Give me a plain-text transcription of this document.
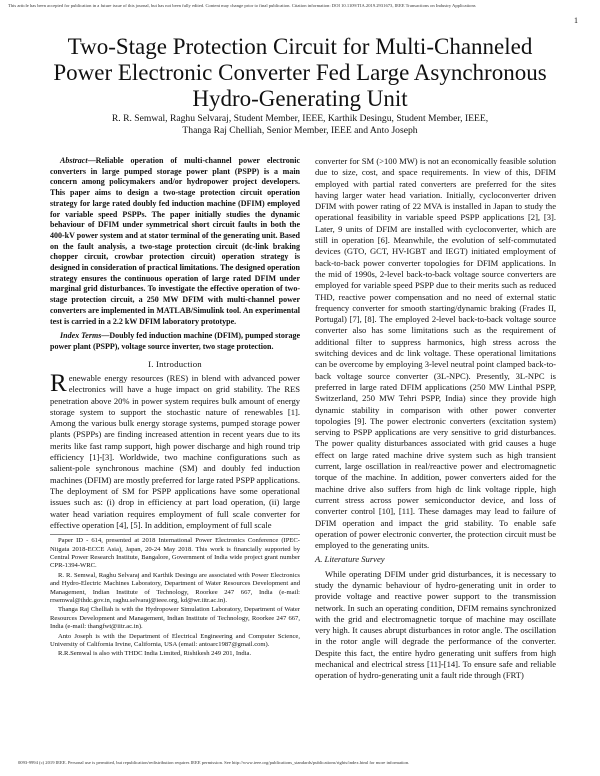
This article has been accepted for publication in a future issue of this journal, but has not been fully edited. Content may change prior to final publication. Citation information: DOI 10.1109/TIA.2019.2931673, IEEE Transactions on Industry Applications
1
Two-Stage Protection Circuit for Multi-Channeled
Power Electronic Converter Fed Large Asynchronous
Hydro-Generating Unit
R. R. Semwal, Raghu Selvaraj, Student Member, IEEE, Karthik Desingu, Student Member, IEEE,
Thanga Raj Chelliah, Senior Member, IEEE and Anto Joseph
Abstract—Reliable operation of multi-channel power electronic converters in large pumped storage power plant (PSPP) is a main concern among policymakers and/or hydropower project developers. This paper aims to design a two-stage protection circuit operation strategy for large rated doubly fed induction machine (DFIM) employed for variable speed PSPPs. The paper initially studies the dynamic behaviour of DFIM under symmetrical short circuit faults in both the 400-kV power system and at stator terminal of the generating unit. Based on the fault analysis, a two-stage protection circuit (dc-link braking chopper circuit, crowbar protection circuit) operation strategy is designed in consideration of practical limitations. The designed operation strategy ensures the continuous operation of large rated DFIM under marginal grid disturbances. To investigate the effective operation of two-stage protection circuit, a 250 MW DFIM with multi-channel power converters are implemented in MATLAB/Simulink tool. An experimental test is carried in a 2.2 kW DFIM laboratory prototype.
Index Terms—Doubly fed induction machine (DFIM), pumped storage power plant (PSPP), voltage source inverter, two stage protection.
I. Introduction

Renewable energy resources (RES) in blend with advanced power electronics will have a huge impact on grid stability. The RES penetration above 20% in power system requires bulk amount of energy storage system to support the stochastic nature of renewables [1]. Among the various bulk energy storage systems, pumped storage power plants (PSPPs) are finding increased attention in recent years due to its merits like fast ramp support, high power discharge and high round trip efficiency [1]-[3]. Worldwide, two machine configurations such as salient-pole synchronous machine (SM) and doubly fed induction machines (DFIM) are mostly preferred for large rated PSPP applications. The deployment of SM for PSPP applications have some operational issues such as: (i) drop in efficiency at part load operation, (ii) large water head variation requires employment of full scale converter for effective operation [4], [5]. In addition, employment of full scale

Paper ID - 614, presented at 2018 International Power Electronics Conference (IPEC-Niigata 2018-ECCE Asia), Japan, 20-24 May 2018. This work is financially supported by Central Power Research Institute, Bangalore, Government of India wide project grant number CPR-1394-WRC.

R. R. Semwal, Raghu Selvaraj and Karthik Desingu are associated with Power Electronics and Hydro-Electric Machines Laboratory, Department of Water Resources Development and Management, Indian Institute of Technology, Roorkee 247 667, India (e-mail: rrsemwal@thdc.gov.in, raghu.selvaraj@ieee.org, kd@wr.iitr.ac.in).

Thanga Raj Chelliah is with the Hydropower Simulation Laboratory, Department of Water Resources Development and Management, Indian Institute of Technology, Roorkee 247 667, India (e-mail: thangfwt@iitr.ac.in).

Anto Joseph is with the Department of Electrical Engineering and Computer Science, University of California Irvine, California, USA (email: antoarc1987@gmail.com).

R.R.Semwal is also with THDC India Limited, Rishikesh 249 201, India.

converter for SM (>100 MW) is not an economically feasible solution due to size, cost, and space requirements. In view of this, DFIM employed with partial rated converters are preferred for the sites having larger water head variation. Initially, cycloconverter driven DFIM with power rating of 22 MVA is installed in Japan to study the operational feasibility in variable speed PSPP applications [2], [3]. Later, 9 units of DFIM are installed with cycloconverter, which are still in operation [6]. Meanwhile, the evolution of self-commutated devices (GTO, GCT, HV-IGBT and IEGT) initiated employment of back-to-back power converter topologies for DFIM applications. In the mid of 1990s, 2-level back-to-back voltage source converters are employed for variable speed PSPP due to their merits such as reduced THD, reactive power compensation and no need of external static frequency converter for smooth starting/dynamic braking (Frades II, Portugal) [7], [8]. The employed 2-level back-to-back voltage source converter also has some limitations such as the requirement of additional filter to suppress harmonics, high stress across the switching devices and dc link voltage. These operational limitations can be overcome by employing 3-level neutral point clamped back-to-back voltage source converter (3L-NPC). Presently, 3L-NPC is preferred in large rated DFIM applications (250 MW Linthal PSPP, Switzerland, 250 MW Tehri PSPP, India) since they provide high dynamic stability in comparison with other power converter topologies [9]. The power electronic converters (excitation system) serving to PSPP applications are very sensitive to grid disturbances. The power quality disturbances associated with grid causes a huge effect on large rated machine drive system such as high transient current, large oscillation in real/reactive power and electromagnetic torque of the machine. In addition, power converters aided for the machine drive also suffers from high dc link voltage ripple, high current stress across power semiconductor device, and loss of converter control [10], [11]. These damages may lead to failure of DFIM operation and impact the grid stability. To enable safe operation of power electronic converter, the protection circuit must be employed to the generating units.

A. Literature Survey

While operating DFIM under grid disturbances, it is necessary to study the dynamic behaviour of hydro-generating unit in order to provide voltage and reactive power support to the transmission network. In such an operating condition, DFIM remains synchronized with the grid and electromagnetic torque of machine may oscillate very high. It causes abrupt disturbances in rotor angle. The oscillation in the rotor angle will degrade the performance of the converter. Despite this fact, the entire hydro generating unit suffers from high mechanical and electrical stress [11]-[14]. To ensure safe and reliable operation of hydro-generating unit a fault ride through (FRT)

0093-9994 (c) 2019 IEEE. Personal use is permitted, but republication/redistribution requires IEEE permission. See http://www.ieee.org/publications_standards/publications/rights/index.html for more information.
